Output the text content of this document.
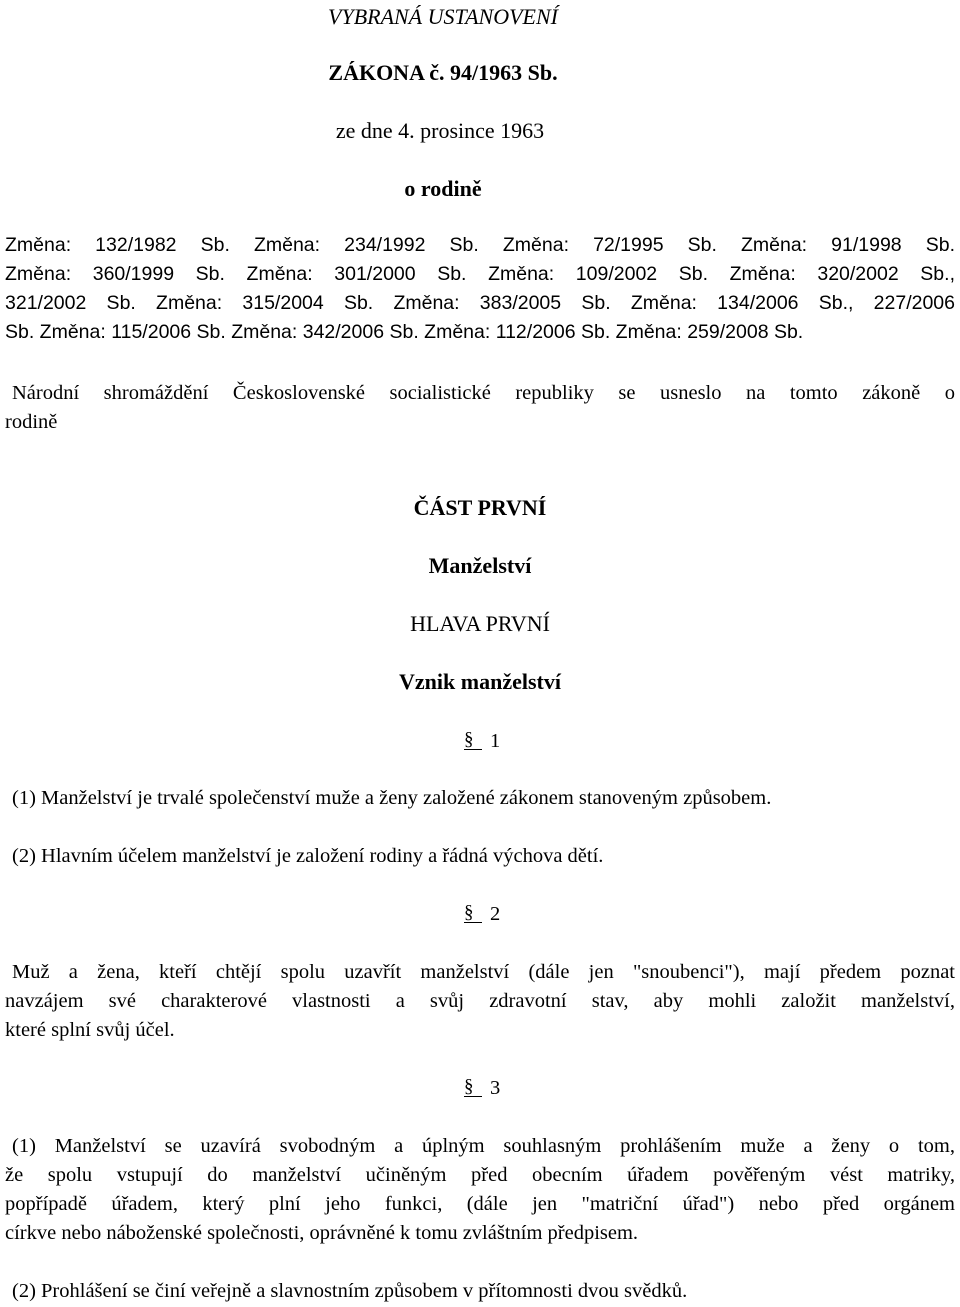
VYBRANÁ USTANOVENÍ
ZÁKONA č. 94/1963 Sb.
ze dne 4. prosince 1963
o rodině
Změna: 132/1982 Sb. Změna: 234/1992 Sb. Změna: 72/1995 Sb. Změna: 91/1998 Sb.
Změna: 360/1999 Sb. Změna: 301/2000 Sb. Změna: 109/2002 Sb. Změna: 320/2002 Sb.,
321/2002 Sb. Změna: 315/2004 Sb. Změna: 383/2005 Sb. Změna: 134/2006 Sb., 227/2006
Sb. Změna: 115/2006 Sb. Změna: 342/2006 Sb. Změna: 112/2006 Sb. Změna: 259/2008 Sb.
Národní shromáždění Československé socialistické republiky se usneslo na tomto zákoně o
rodině
ČÁST PRVNÍ
Manželství
HLAVA PRVNÍ
Vznik manželství
§ 1
(1) Manželství je trvalé společenství muže a ženy založené zákonem stanoveným způsobem.
(2) Hlavním účelem manželství je založení rodiny a řádná výchova dětí.
§ 2
Muž a žena, kteří chtějí spolu uzavřít manželství (dále jen "snoubenci"), mají předem poznat
navzájem své charakterové vlastnosti a svůj zdravotní stav, aby mohli založit manželství,
které splní svůj účel.
§ 3
(1) Manželství se uzavírá svobodným a úplným souhlasným prohlášením muže a ženy o tom,
že spolu vstupují do manželství učiněným před obecním úřadem pověřeným vést matriky,
popřípadě úřadem, který plní jeho funkci, (dále jen "matriční úřad") nebo před orgánem
církve nebo náboženské společnosti, oprávněné k tomu zvláštním předpisem.
(2) Prohlášení se činí veřejně a slavnostním způsobem v přítomnosti dvou svědků.
